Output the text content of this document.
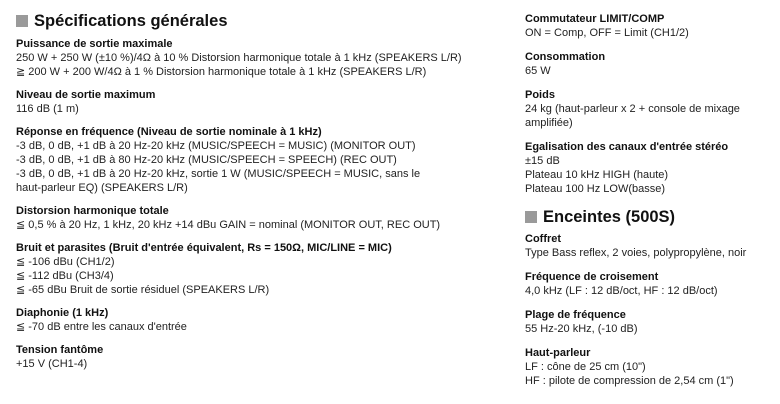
Spécifications générales
Puissance de sortie maximale
250 W + 250 W (±10 %)/4Ω à 10 % Distorsion harmonique totale à 1 kHz (SPEAKERS L/R)
≧ 200 W + 200 W/4Ω à 1 % Distorsion harmonique totale à 1 kHz (SPEAKERS L/R)
Niveau de sortie maximum
116 dB (1 m)
Réponse en fréquence (Niveau de sortie nominale à 1 kHz)
-3 dB, 0 dB, +1 dB à 20 Hz-20 kHz (MUSIC/SPEECH = MUSIC) (MONITOR OUT)
-3 dB, 0 dB, +1 dB à 80 Hz-20 kHz (MUSIC/SPEECH = SPEECH) (REC OUT)
-3 dB, 0 dB, +1 dB à 20 Hz-20 kHz, sortie 1 W (MUSIC/SPEECH = MUSIC, sans le
haut-parleur EQ) (SPEAKERS L/R)
Distorsion harmonique totale
≦ 0,5 % à 20 Hz, 1 kHz, 20 kHz +14 dBu GAIN = nominal (MONITOR OUT, REC OUT)
Bruit et parasites (Bruit d'entrée équivalent, Rs = 150Ω, MIC/LINE = MIC)
≦ -106 dBu (CH1/2)
≦ -112 dBu (CH3/4)
≦ -65 dBu Bruit de sortie résiduel (SPEAKERS L/R)
Diaphonie (1 kHz)
≦ -70 dB entre les canaux d'entrée
Tension fantôme
+15 V (CH1-4)
Commutateur LIMIT/COMP
ON = Comp, OFF = Limit (CH1/2)
Consommation
65 W
Poids
24 kg (haut-parleur x 2 + console de mixage
amplifiée)
Egalisation des canaux d'entrée stéréo
±15 dB
Plateau 10 kHz HIGH (haute)
Plateau 100 Hz LOW(basse)
Enceintes (500S)
Coffret
Type Bass reflex, 2 voies, polypropylène, noir
Fréquence de croisement
4,0 kHz (LF : 12 dB/oct, HF : 12 dB/oct)
Plage de fréquence
55 Hz-20 kHz, (-10 dB)
Haut-parleur
LF : cône de 25 cm (10")
HF : pilote de compression de 2,54 cm (1")
